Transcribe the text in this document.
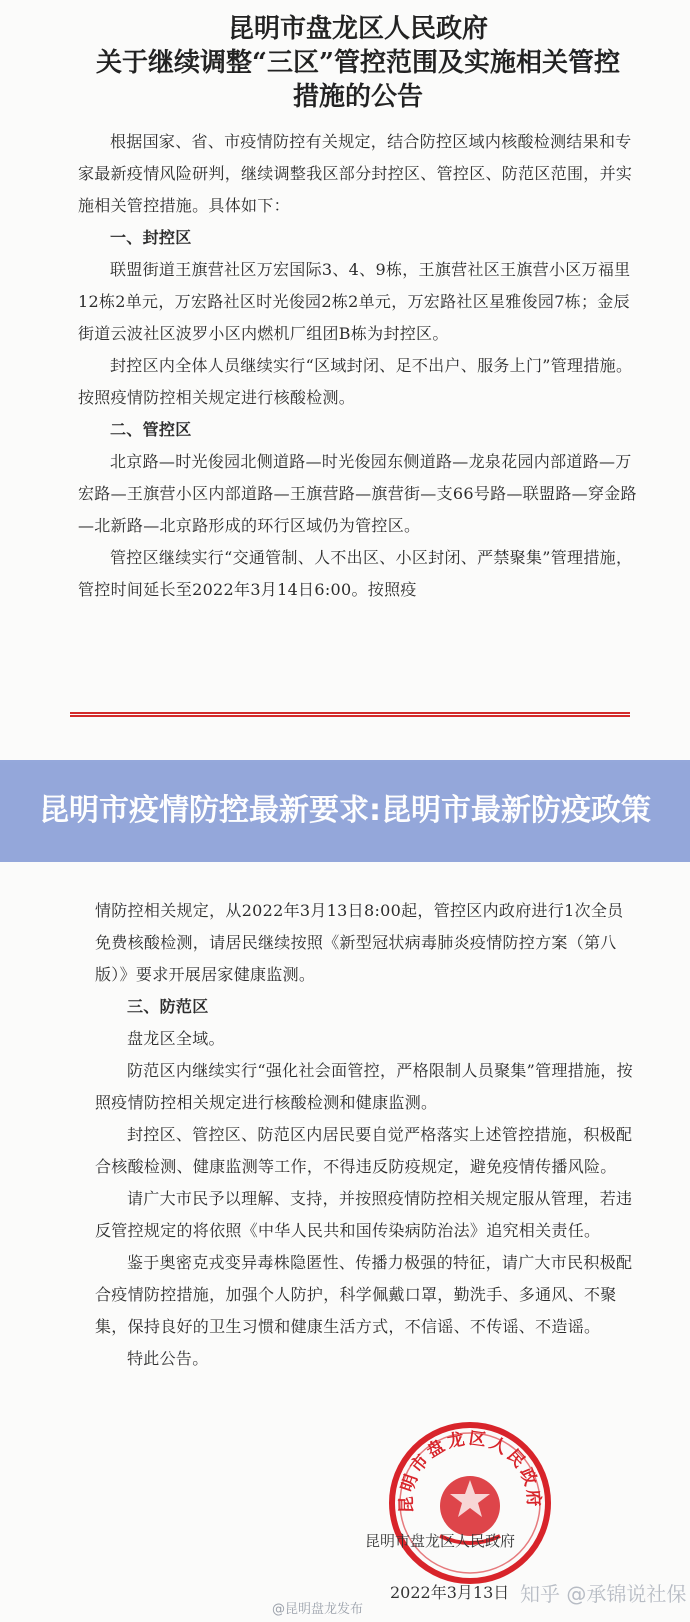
昆明市盘龙区人民政府
关于继续调整“三区”管控范围及实施相关管控
措施的公告

根据国家、省、市疫情防控有关规定，结合防控区域内核酸检测结果和专家最新疫情风险研判，继续调整我区部分封控区、管控区、防范区范围，并实施相关管控措施。具体如下：

一、封控区

联盟街道王旗营社区万宏国际3、4、9栋，王旗营社区王旗营小区万福里12栋2单元，万宏路社区时光俊园2栋2单元，万宏路社区星雅俊园7栋；金辰街道云波社区波罗小区内燃机厂组团B栋为封控区。

封控区内全体人员继续实行“区域封闭、足不出户、服务上门”管理措施。按照疫情防控相关规定进行核酸检测。

二、管控区

北京路—时光俊园北侧道路—时光俊园东侧道路—龙泉花园内部道路—万宏路—王旗营小区内部道路—王旗营路—旗营街—支66号路—联盟路—穿金路—北新路—北京路形成的环行区域仍为管控区。

管控区继续实行“交通管制、人不出区、小区封闭、严禁聚集”管理措施，管控时间延长至2022年3月14日6:00。按照疫

昆明市疫情防控最新要求:昆明市最新防疫政策

情防控相关规定，从2022年3月13日8:00起，管控区内政府进行1次全员免费核酸检测，请居民继续按照《新型冠状病毒肺炎疫情防控方案（第八版）》要求开展居家健康监测。

三、防范区

盘龙区全域。

防范区内继续实行“强化社会面管控，严格限制人员聚集”管理措施，按照疫情防控相关规定进行核酸检测和健康监测。

封控区、管控区、防范区内居民要自觉严格落实上述管控措施，积极配合核酸检测、健康监测等工作，不得违反防疫规定，避免疫情传播风险。

请广大市民予以理解、支持，并按照疫情防控相关规定服从管理，若违反管控规定的将依照《中华人民共和国传染病防治法》追究相关责任。

鉴于奥密克戎变异毒株隐匿性、传播力极强的特征，请广大市民积极配合疫情防控措施，加强个人防护，科学佩戴口罩，勤洗手、多通风、不聚集，保持良好的卫生习惯和健康生活方式，不信谣、不传谣、不造谣。

特此公告。

昆明市盘龙区人民政府
昆明市盘龙区人民政府
2022年3月13日
@昆明盘龙发布
知乎 @承锦说社保
